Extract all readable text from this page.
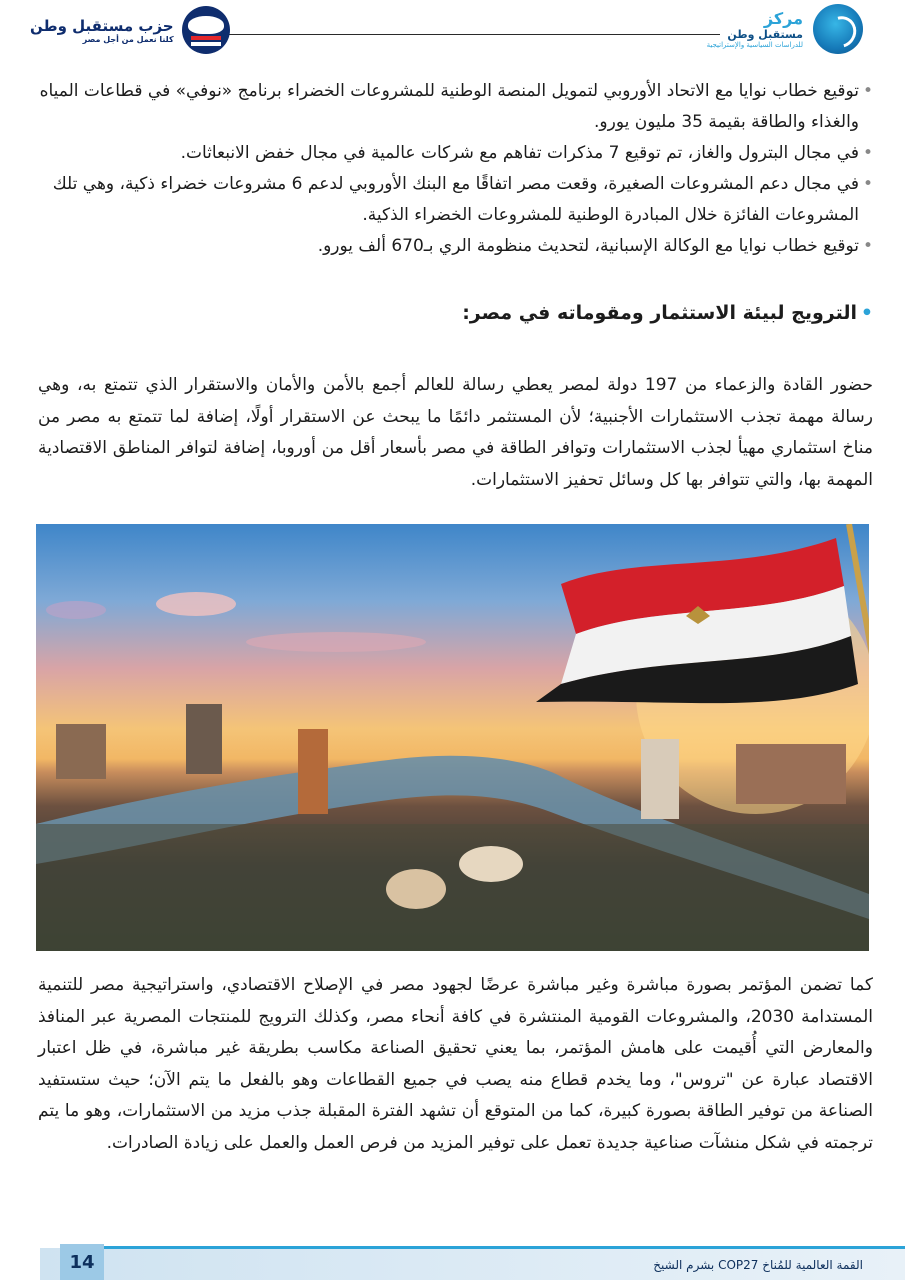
مركز
مستقبل وطن
للدراسات السياسية والإستراتيجية
حزب مستقبل وطن
كلنا نعمل من أجل مصر
• توقيع خطاب نوايا مع الاتحاد الأوروبي لتمويل المنصة الوطنية للمشروعات الخضراء برنامج «نوفي» في قطاعات المياه والغذاء والطاقة بقيمة 35 مليون يورو.
• في مجال البترول والغاز، تم توقيع 7 مذكرات تفاهم مع شركات عالمية في مجال خفض الانبعاثات.
• في مجال دعم المشروعات الصغيرة، وقعت مصر اتفاقًا مع البنك الأوروبي لدعم 6 مشروعات خضراء ذكية، وهي تلك المشروعات الفائزة خلال المبادرة الوطنية للمشروعات الخضراء الذكية.
• توقيع خطاب نوايا مع الوكالة الإسبانية، لتحديث منظومة الري بـ670 ألف يورو.
• الترويج لبيئة الاستثمار ومقوماته في مصر:

حضور القادة والزعماء من 197 دولة لمصر يعطي رسالة للعالم أجمع بالأمن والأمان والاستقرار الذي تتمتع به، وهي رسالة مهمة تجذب الاستثمارات الأجنبية؛ لأن المستثمر دائمًا ما يبحث عن الاستقرار أولًا، إضافة لما تتمتع به مصر من مناخ استثماري مهيأ لجذب الاستثمارات وتوافر الطاقة في مصر بأسعار أقل من أوروبا، إضافة لتوافر المناطق الاقتصادية المهمة بها، والتي تتوافر بها كل وسائل تحفيز الاستثمارات.

كما تضمن المؤتمر بصورة مباشرة وغير مباشرة عرضًا لجهود مصر في الإصلاح الاقتصادي، واستراتيجية مصر للتنمية المستدامة 2030، والمشروعات القومية المنتشرة في كافة أنحاء مصر، وكذلك الترويج للمنتجات المصرية عبر المنافذ والمعارض التي أُقيمت على هامش المؤتمر، بما يعني تحقيق الصناعة مكاسب بطريقة غير مباشرة، في ظل اعتبار الاقتصاد عبارة عن "تروس"، وما يخدم قطاع منه يصب في جميع القطاعات وهو بالفعل ما يتم الآن؛ حيث ستستفيد الصناعة من توفير الطاقة بصورة كبيرة، كما من المتوقع أن تشهد الفترة المقبلة جذب مزيد من الاستثمارات، وهو ما يتم ترجمته في شكل منشآت صناعية جديدة تعمل على توفير المزيد من فرص العمل والعمل على زيادة الصادرات.

14	القمة العالمية للمُناخ COP27 بشرم الشيخ
